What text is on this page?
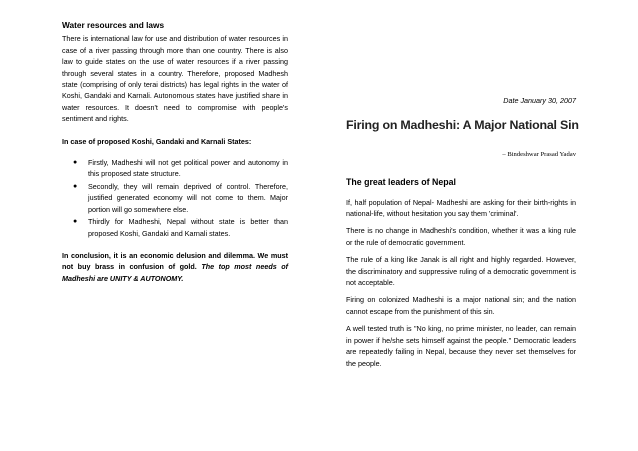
Water resources and laws

There is international law for use and distribution of water resources in case of a river passing through more than one country. There is also law to guide states on the use of water resources if a river passing through several states in a country. Therefore, proposed Madhesh state (comprising of only terai districts) has legal rights in the water of Koshi, Gandaki and Karnali. Autonomous states have justified share in water resources. It doesn't need to compromise with people's sentiment and rights.

In case of proposed Koshi, Gandaki and Karnali States:
● Firstly, Madheshi will not get political power and autonomy in this proposed state structure.
● Secondly, they will remain deprived of control. Therefore, justified generated economy will not come to them. Major portion will go somewhere else.
● Thirdly for Madheshi, Nepal without state is better than proposed Koshi, Gandaki and Karnali states.

In conclusion, it is an economic delusion and dilemma. We must not buy brass in confusion of gold. The top most needs of Madheshi are UNITY & AUTONOMY.

Date January 30, 2007
Firing on Madheshi: A Major National Sin
– Bindeshwar Prasad Yadav
The great leaders of Nepal

If, half population of Nepal- Madheshi are asking for their birth-rights in national-life, without hesitation you say them 'criminal'.

There is no change in Madheshi's condition, whether it was a king rule or the rule of democratic government.

The rule of a king like Janak is all right and highly regarded. However, the discriminatory and suppressive ruling of a democratic government is not acceptable.

Firing on colonized Madheshi is a major national sin; and the nation cannot escape from the punishment of this sin.

A well tested truth is "No king, no prime minister, no leader, can remain in power if he/she sets himself against the people." Democratic leaders are repeatedly failing in Nepal, because they never set themselves for the people.
